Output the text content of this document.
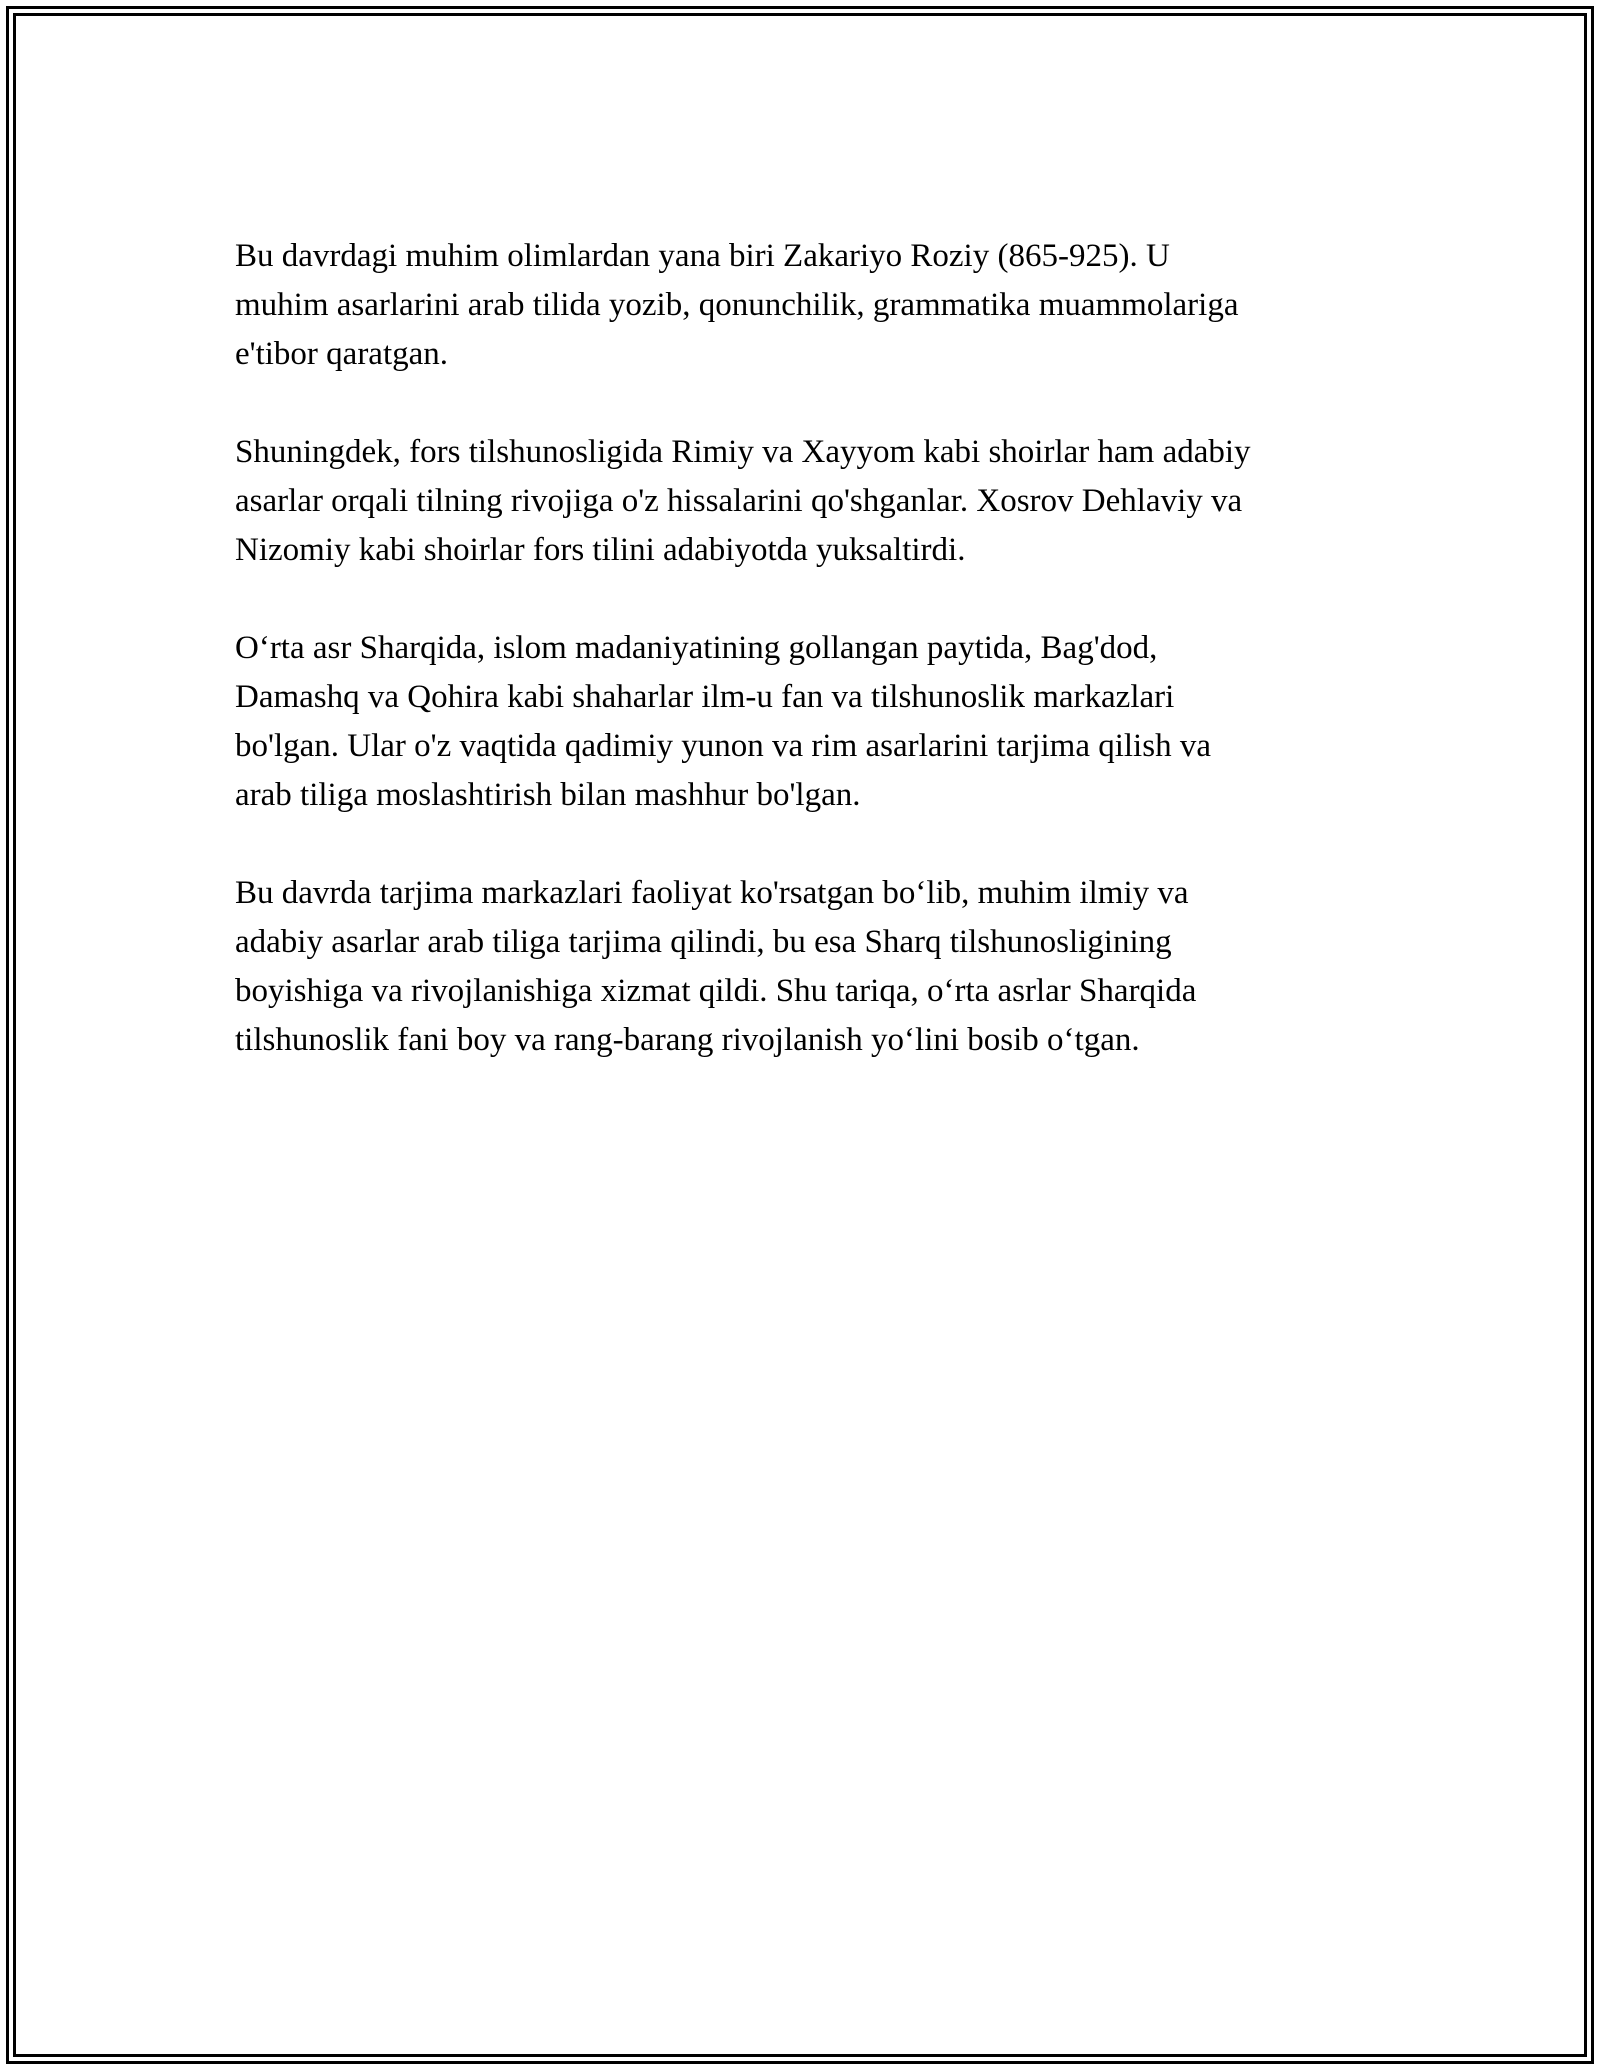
Bu davrdagi muhim olimlardan yana biri Zakariyo Roziy (865-925). U
muhim asarlarini arab tilida yozib, qonunchilik, grammatika muammolariga
e'tibor qaratgan.

Shuningdek, fors tilshunosligida Rimiy va Xayyom kabi shoirlar ham adabiy
asarlar orqali tilning rivojiga o'z hissalarini qo'shganlar. Xosrov Dehlaviy va
Nizomiy kabi shoirlar fors tilini adabiyotda yuksaltirdi.

O‘rta asr Sharqida, islom madaniyatining gollangan paytida, Bag'dod,
Damashq va Qohira kabi shaharlar ilm-u fan va tilshunoslik markazlari
bo'lgan. Ular o'z vaqtida qadimiy yunon va rim asarlarini tarjima qilish va
arab tiliga moslashtirish bilan mashhur bo'lgan.

Bu davrda tarjima markazlari faoliyat ko'rsatgan bo‘lib, muhim ilmiy va
adabiy asarlar arab tiliga tarjima qilindi, bu esa Sharq tilshunosligining
boyishiga va rivojlanishiga xizmat qildi. Shu tariqa, o‘rta asrlar Sharqida
tilshunoslik fani boy va rang-barang rivojlanish yo‘lini bosib o‘tgan.
